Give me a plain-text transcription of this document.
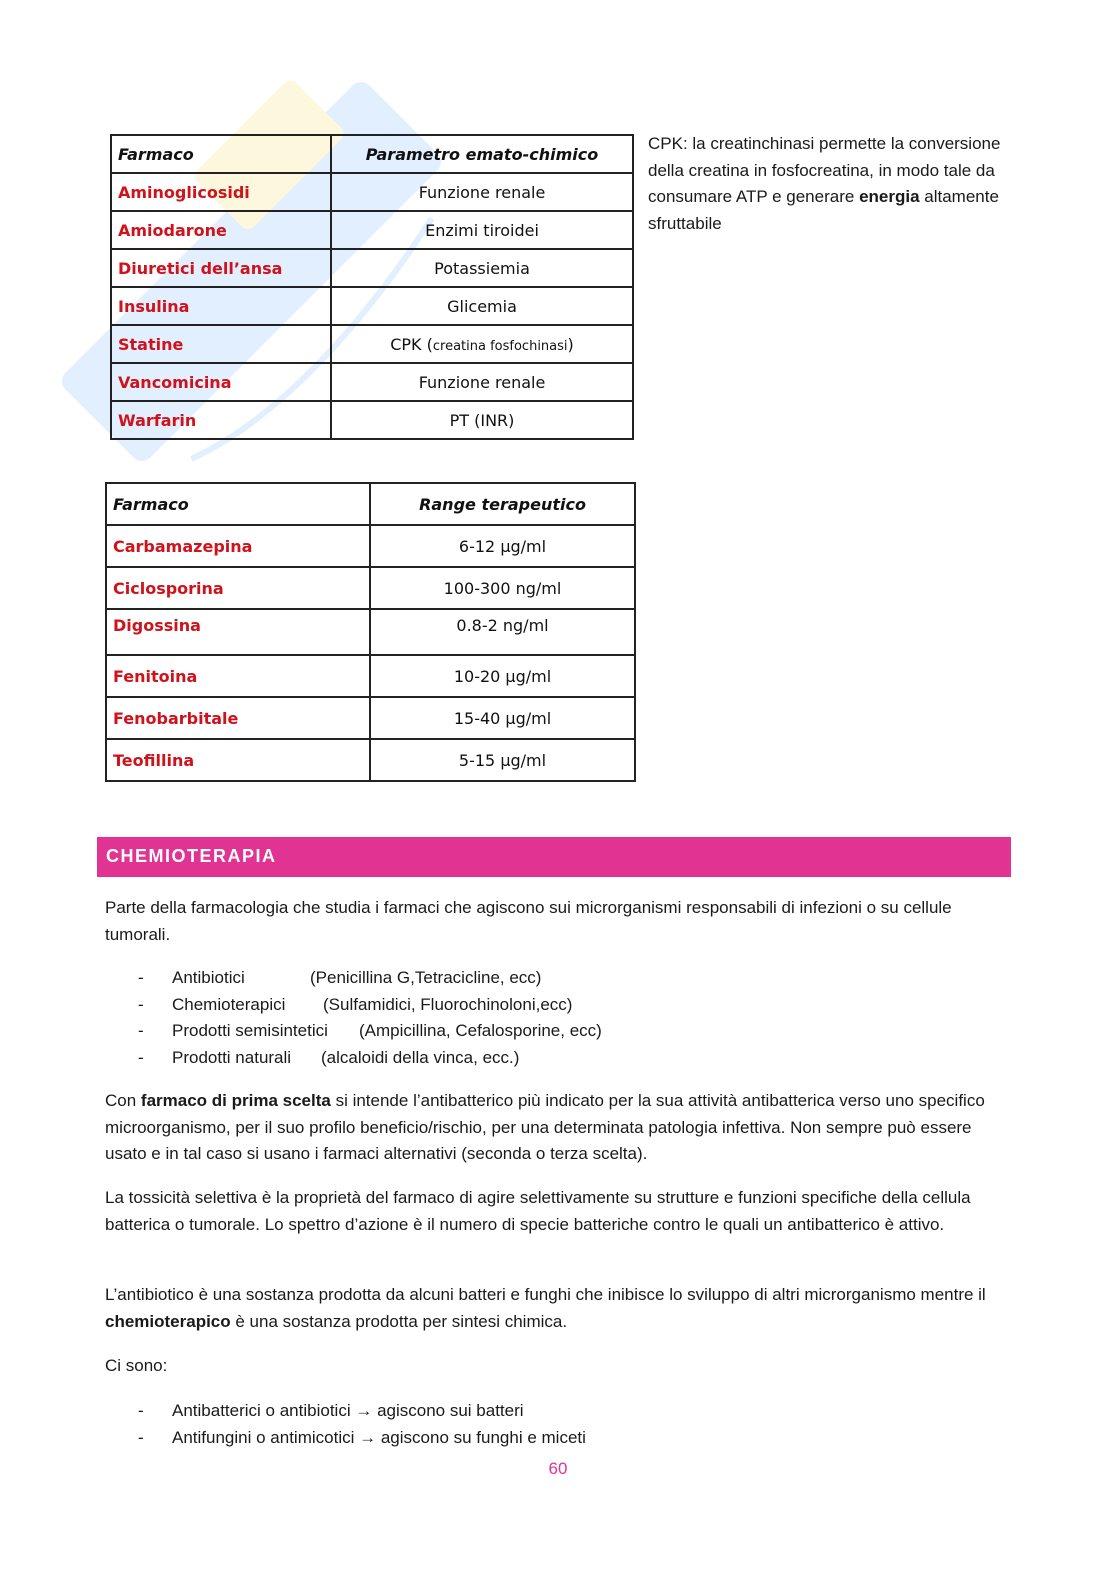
Farmaco	Parametro emato-chimico
Aminoglicosidi	Funzione renale
Amiodarone	Enzimi tiroidei
Diuretici dell’ansa	Potassiemia
Insulina	Glicemia
Statine	CPK (creatina fosfochinasi)
Vancomicina	Funzione renale
Warfarin	PT (INR)
CPK: la creatinchinasi permette la conversione della creatina in fosfocreatina, in modo tale da consumare ATP e generare energia altamente sfruttabile
Farmaco	Range terapeutico
Carbamazepina	6-12 µg/ml
Ciclosporina	100-300 ng/ml
Digossina	0.8-2 ng/ml
Fenitoina	10-20 µg/ml
Fenobarbitale	15-40 µg/ml
Teofillina	5-15 µg/ml
CHEMIOTERAPIA
Parte della farmacologia che studia i farmaci che agiscono sui microrganismi responsabili di infezioni o su cellule tumorali.
- Antibiotici	(Penicillina G,Tetracicline, ecc)
- Chemioterapici (Sulfamidici, Fluorochinoloni,ecc)
- Prodotti semisintetici (Ampicillina, Cefalosporine, ecc)
- Prodotti naturali (alcaloidi della vinca, ecc.)
Con farmaco di prima scelta si intende l’antibatterico più indicato per la sua attività antibatterica verso uno specifico microorganismo, per il suo profilo beneficio/rischio, per una determinata patologia infettiva. Non sempre può essere usato e in tal caso si usano i farmaci alternativi (seconda o terza scelta).
La tossicità selettiva è la proprietà del farmaco di agire selettivamente su strutture e funzioni specifiche della cellula batterica o tumorale. Lo spettro d’azione è il numero di specie batteriche contro le quali un antibatterico è attivo.
L’antibiotico è una sostanza prodotta da alcuni batteri e funghi che inibisce lo sviluppo di altri microrganismo mentre il chemioterapico è una sostanza prodotta per sintesi chimica.
Ci sono:
- Antibatterici o antibiotici → agiscono sui batteri
- Antifungini o antimicotici → agiscono su funghi e miceti
60
